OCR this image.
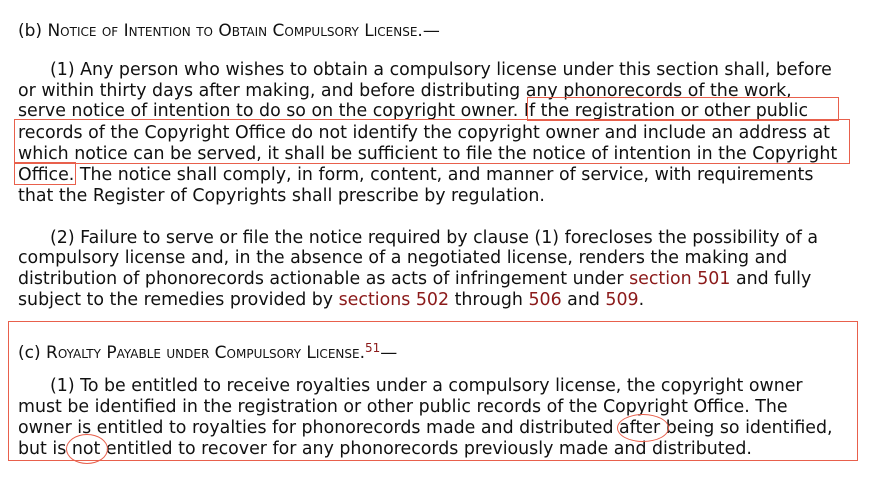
(b) Notice of Intention to Obtain Compulsory License.—
(1) Any person who wishes to obtain a compulsory license under this section shall, before
or within thirty days after making, and before distributing any phonorecords of the work,
serve notice of intention to do so on the copyright owner. If the registration or other public
records of the Copyright Office do not identify the copyright owner and include an address at
which notice can be served, it shall be sufficient to file the notice of intention in the Copyright
Office. The notice shall comply, in form, content, and manner of service, with requirements
that the Register of Copyrights shall prescribe by regulation.
(2) Failure to serve or file the notice required by clause (1) forecloses the possibility of a
compulsory license and, in the absence of a negotiated license, renders the making and
distribution of phonorecords actionable as acts of infringement under section 501 and fully
subject to the remedies provided by sections 502 through 506 and 509.
(c) Royalty Payable under Compulsory License.$^{51}$—
(1) To be entitled to receive royalties under a compulsory license, the copyright owner
must be identified in the registration or other public records of the Copyright Office. The
owner is entitled to royalties for phonorecords made and distributed after being so identified,
but is not entitled to recover for any phonorecords previously made and distributed.
